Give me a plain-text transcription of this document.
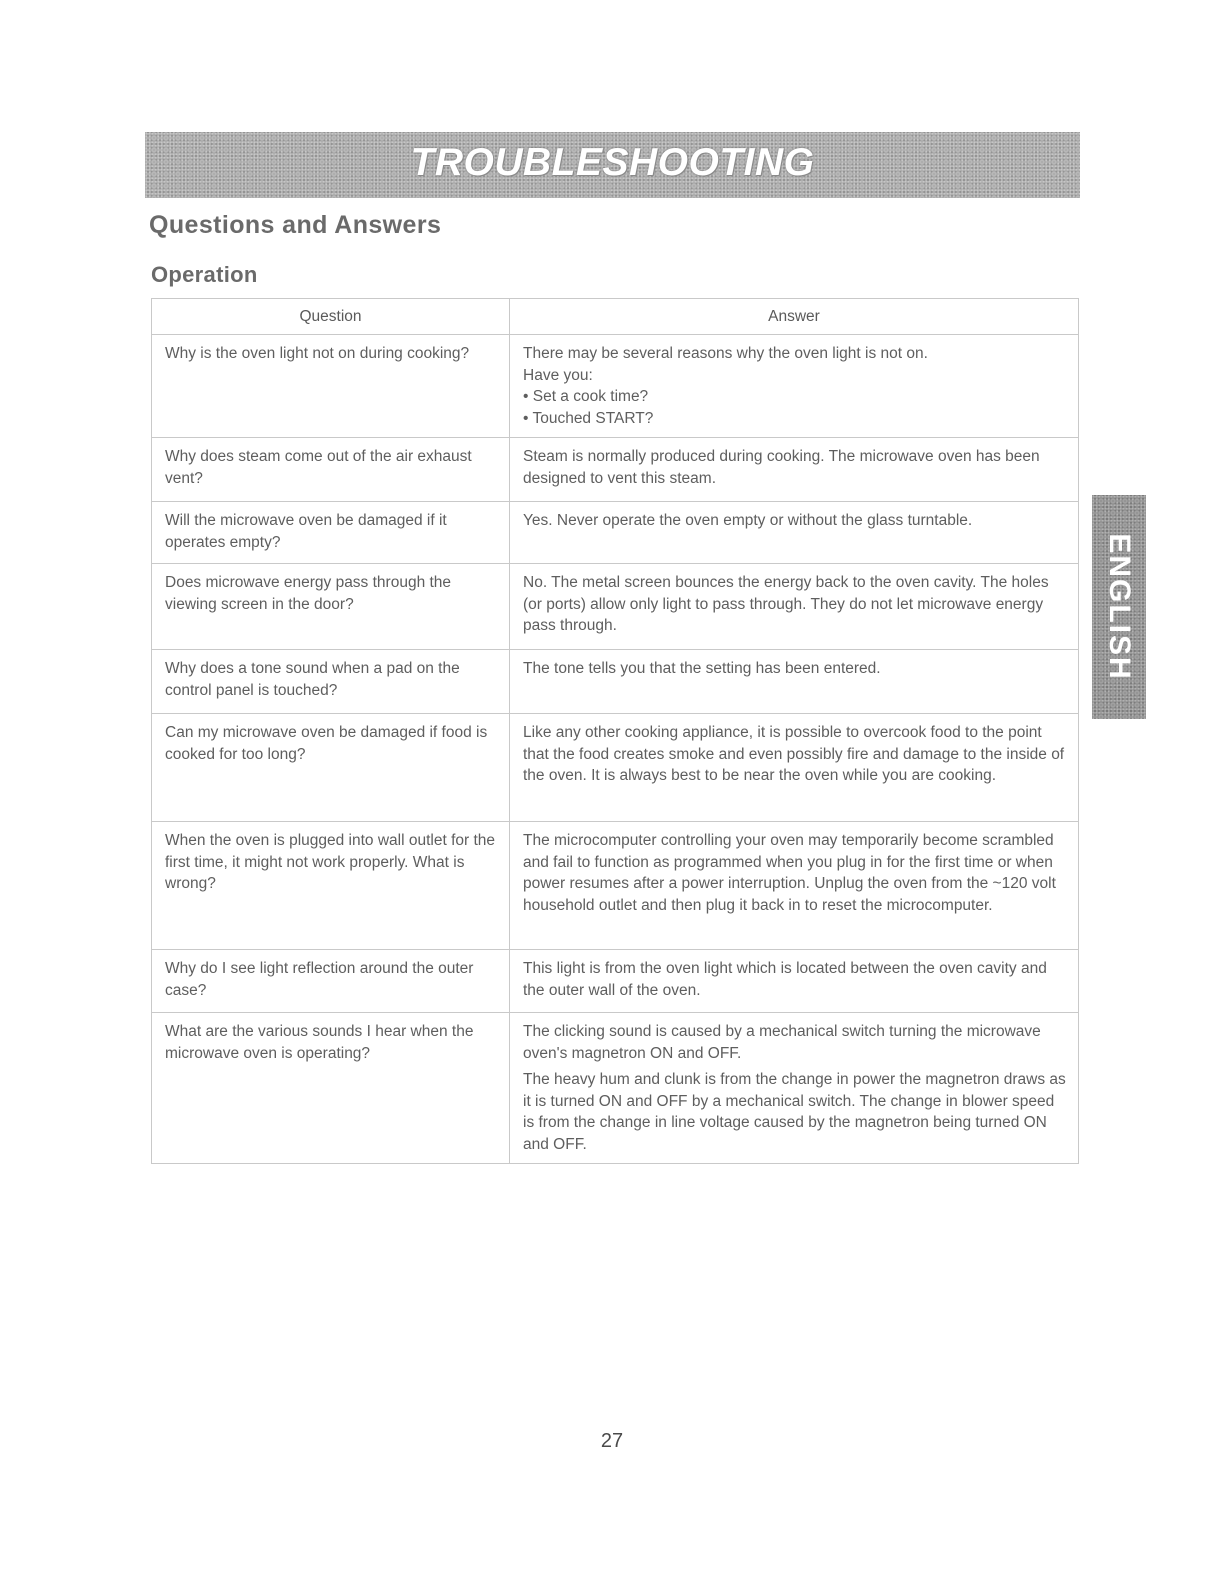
TROUBLESHOOTING
Questions and Answers
Operation
Question	Answer
Why is the oven light not on during cooking?	There may be several reasons why the oven light is not on.
Have you:
• Set a cook time?
• Touched START?

Why does steam come out of the air exhaust vent?	Steam is normally produced during cooking. The microwave oven has been designed to vent this steam.

Will the microwave oven be damaged if it operates empty?	Yes. Never operate the oven empty or without the glass turntable.

Does microwave energy pass through the viewing screen in the door?	No. The metal screen bounces the energy back to the oven cavity. The holes (or ports) allow only light to pass through. They do not let microwave energy pass through.

Why does a tone sound when a pad on the control panel is touched?	The tone tells you that the setting has been entered.

Can my microwave oven be damaged if food is cooked for too long?	Like any other cooking appliance, it is possible to overcook food to the point that the food creates smoke and even possibly fire and damage to the inside of the oven. It is always best to be near the oven while you are cooking.

When the oven is plugged into wall outlet for the first time, it might not work properly. What is wrong?	The microcomputer controlling your oven may temporarily become scrambled and fail to function as programmed when you plug in for the first time or when power resumes after a power interruption. Unplug the oven from the ~120 volt household outlet and then plug it back in to reset the microcomputer.

Why do I see light reflection around the outer case?	This light is from the oven light which is located between the oven cavity and the outer wall of the oven.

What are the various sounds I hear when the microwave oven is operating?	The clicking sound is caused by a mechanical switch turning the microwave oven's magnetron ON and OFF.

The heavy hum and clunk is from the change in power the magnetron draws as it is turned ON and OFF by a mechanical switch. The change in blower speed is from the change in line voltage caused by the magnetron being turned ON and OFF.

ENGLISH
27
